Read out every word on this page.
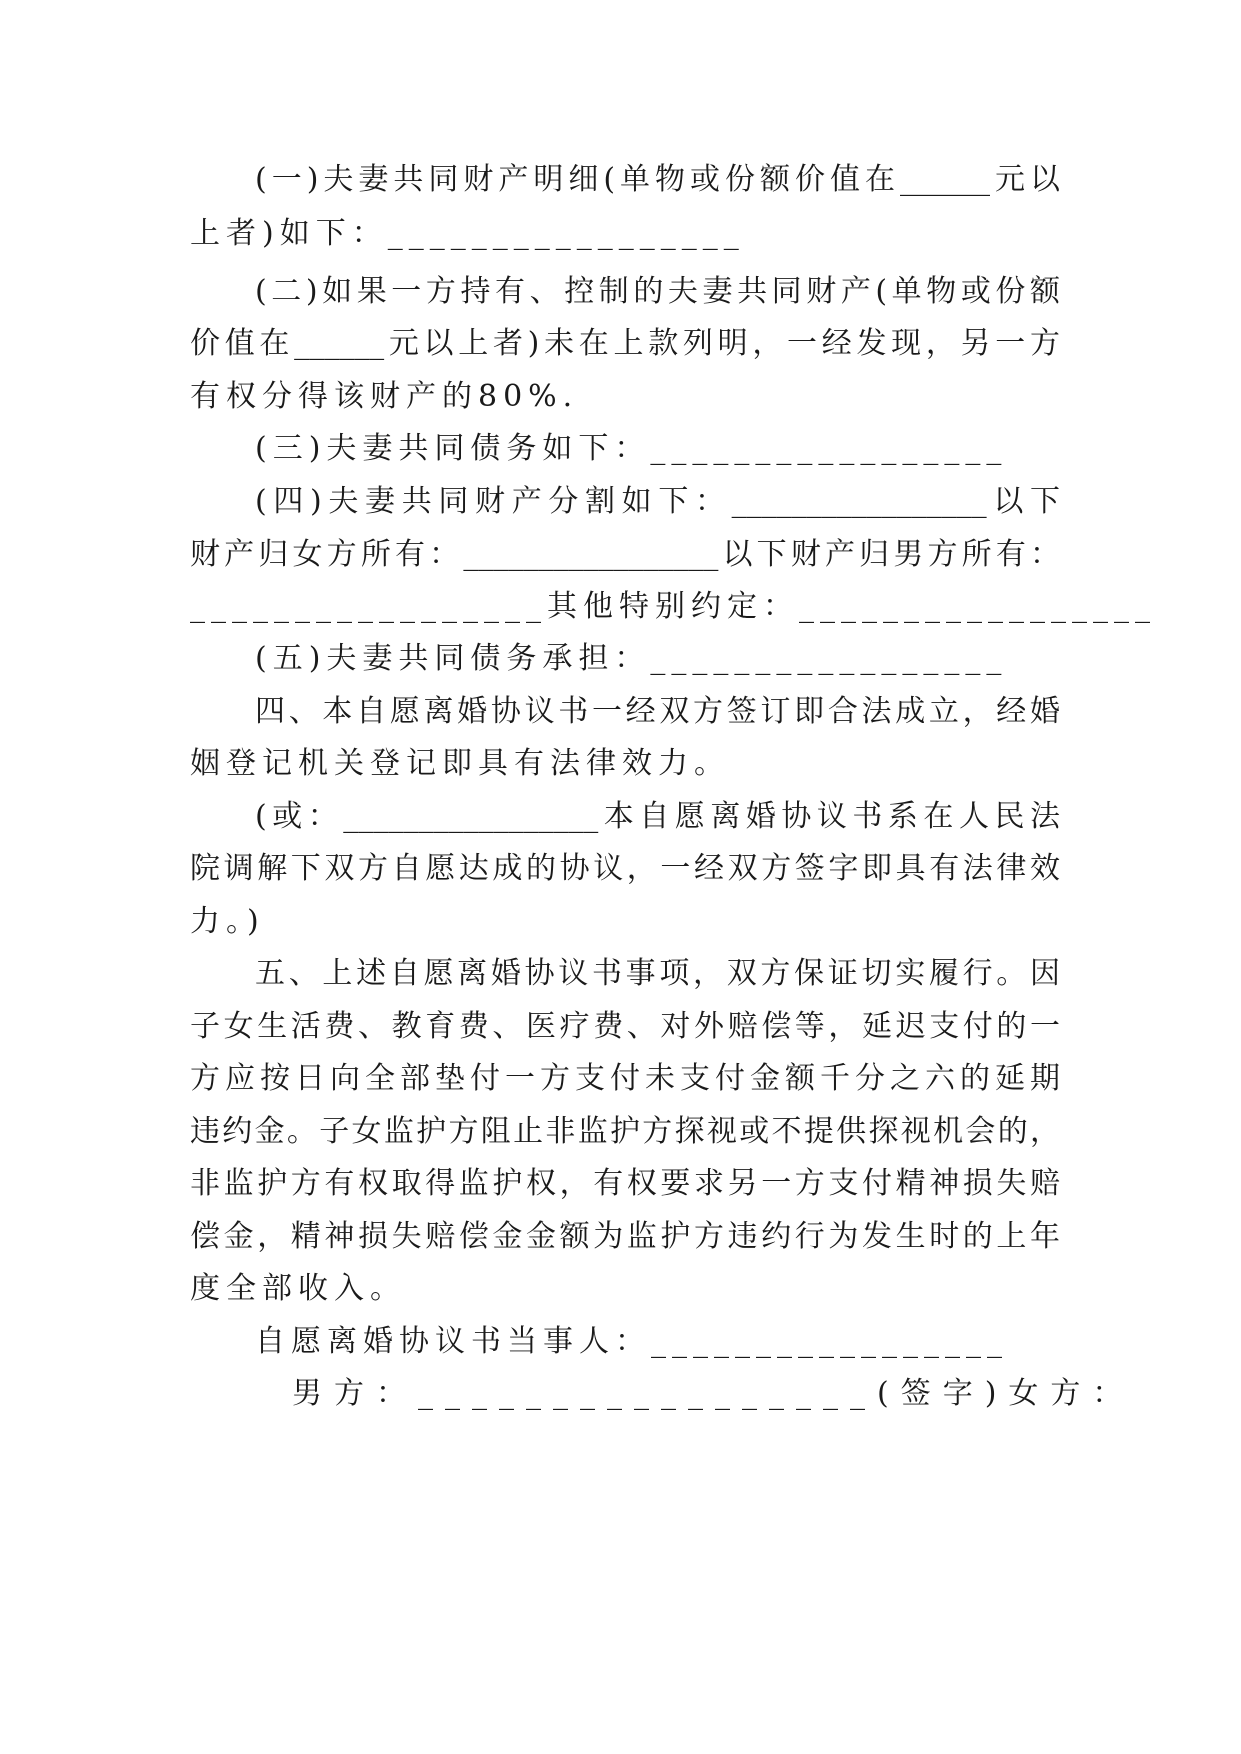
(一)夫妻共同财产明细(单物或份额价值在______元以
上者)如下：_________________
(二)如果一方持有、控制的夫妻共同财产(单物或份额
价值在______元以上者)未在上款列明，一经发现，另一方
有权分得该财产的80%.
(三)夫妻共同债务如下：_________________
(四)夫妻共同财产分割如下：_________________以下
财产归女方所有：_________________以下财产归男方所有：
_________________其他特别约定：_________________
(五)夫妻共同债务承担：_________________
四、本自愿离婚协议书一经双方签订即合法成立，经婚
姻登记机关登记即具有法律效力。
(或：_________________本自愿离婚协议书系在人民法
院调解下双方自愿达成的协议，一经双方签字即具有法律效
力。)
五、上述自愿离婚协议书事项，双方保证切实履行。因
子女生活费、教育费、医疗费、对外赔偿等，延迟支付的一
方应按日向全部垫付一方支付未支付金额千分之六的延期
违约金。子女监护方阻止非监护方探视或不提供探视机会的，
非监护方有权取得监护权，有权要求另一方支付精神损失赔
偿金，精神损失赔偿金金额为监护方违约行为发生时的上年
度全部收入。
自愿离婚协议书当事人：_________________
男方：_________________(签字)女方：
